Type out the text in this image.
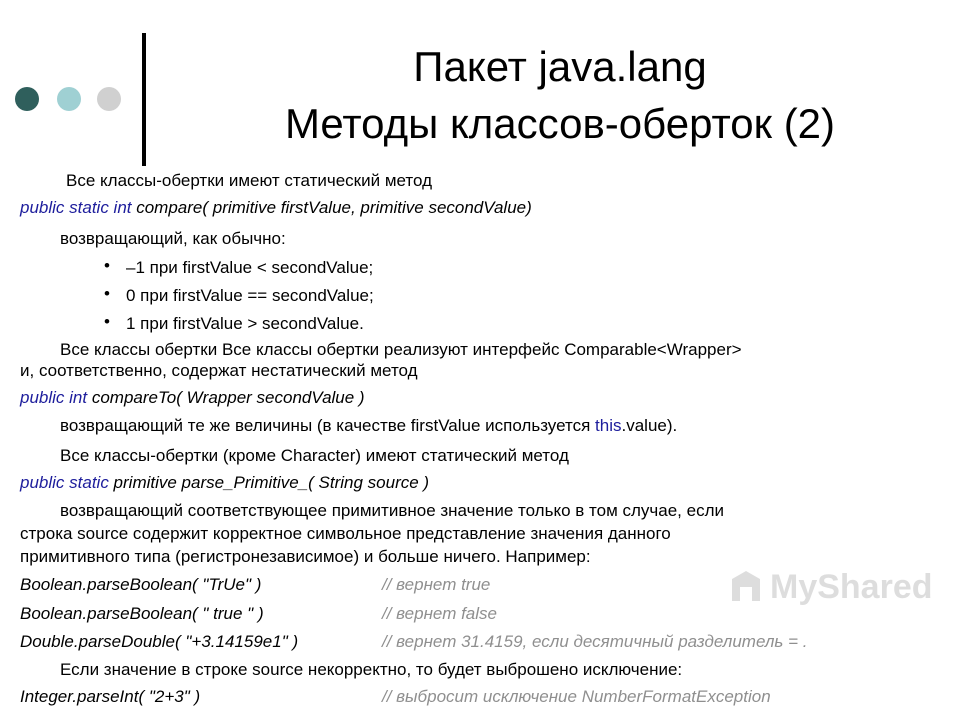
Пакет java.lang
Методы классов-оберток (2)
Все классы-обертки имеют статический метод
public static int compare( primitive firstValue, primitive secondValue)
возвращающий, как обычно:
• –1 при firstValue < secondValue;
• 0 при firstValue == secondValue;
• 1 при firstValue > secondValue.
Все классы обертки Все классы обертки реализуют интерфейс Comparable<Wrapper>
и, соответственно, содержат нестатический метод
public int compareTo( Wrapper secondValue )
возвращающий те же величины (в качестве firstValue используется this.value).
Все классы-обертки (кроме Character) имеют статический метод
public static primitive parse_Primitive_( String source )
возвращающий соответствующее примитивное значение только в том случае, если
строка source содержит корректное символьное представление значения данного
примитивного типа (регистронезависимое) и больше ничего. Например:
Boolean.parseBoolean( "TrUe" )	// вернет true
Boolean.parseBoolean( " true " )	// вернет false
Double.parseDouble( "+3.14159e1" )	// вернет 31.4159, если десятичный разделитель = .
Если значение в строке source некорректно, то будет выброшено исключение:
Integer.parseInt( "2+3" )	// выбросит исключение NumberFormatException
MyShared
